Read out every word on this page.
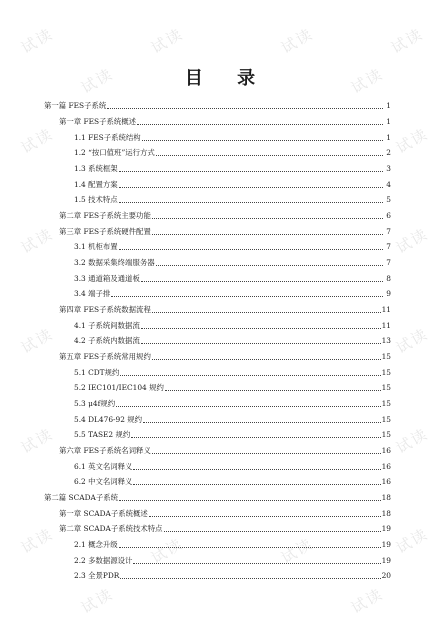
试读	试读	试读	试读
试读	试读
试读	试读
试读	试读
试读	试读
试读	试读
试读	试读	试读	试读
试读	试读
目 录
第一篇 FES子系统	1
第一章 FES子系统概述	1
1.1 FES子系统结构	1
1.2 “按口值班”运行方式	2
1.3 系统框架	3
1.4 配置方案	4
1.5 技术特点	5
第二章 FES子系统主要功能	6
第三章 FES子系统硬件配置	7
3.1 机柜布置	7
3.2 数据采集终端服务器	7
3.3 通道箱及通道板	8
3.4 端子排	9
第四章 FES子系统数据流程	11
4.1 子系统间数据流	11
4.2 子系统内数据流	13
第五章 FES子系统常用规约	15
5.1 CDT规约	15
5.2 IEC101/IEC104 规约	15
5.3 μ4f规约	15
5.4 DL476-92 规约	15
5.5 TASE2 规约	15
第六章 FES子系统名词释义	16
6.1 英文名词释义	16
6.2 中文名词释义	16
第二篇 SCADA子系统	18
第一章 SCADA子系统概述	18
第二章 SCADA子系统技术特点	19
2.1 概念升级	19
2.2 多数据源设计	19
2.3 全景PDR	20
